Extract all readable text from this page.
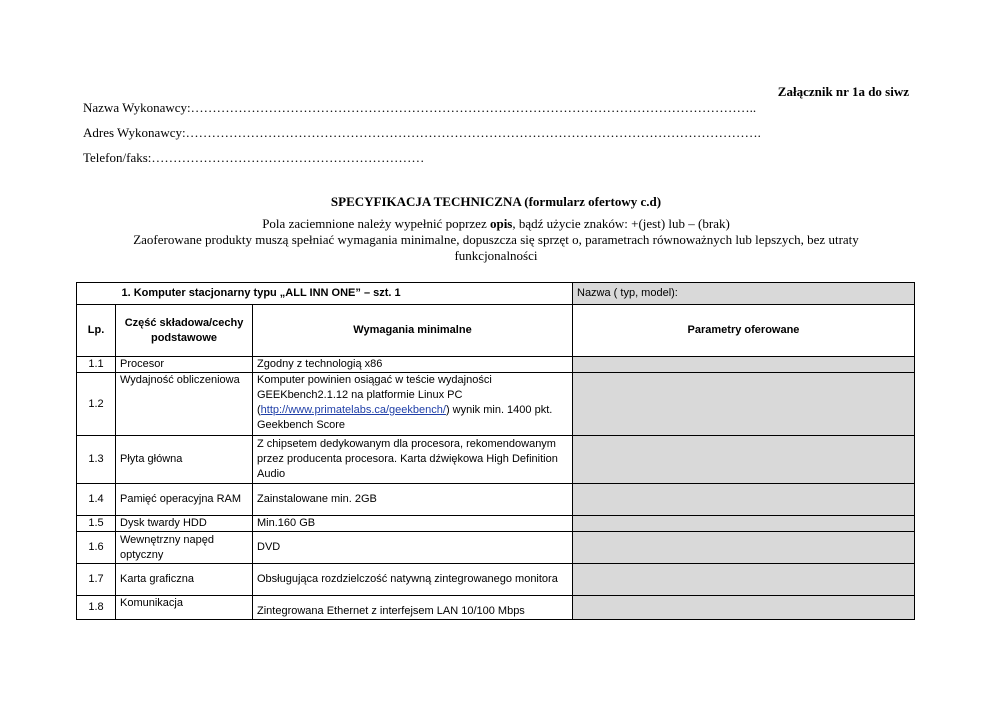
Załącznik nr 1a do siwz
Nazwa Wykonawcy:…………………………………………………………………………………………………………………..
Adres Wykonawcy:…………………………………………………………………………………………………………………….
Telefon/faks:………………………………………………………
SPECYFIKACJA TECHNICZNA (formularz ofertowy c.d)
Pola zaciemnione należy wypełnić poprzez opis, bądź użycie znaków: +(jest) lub – (brak)
Zaoferowane produkty muszą spełniać wymagania minimalne, dopuszcza się sprzęt o, parametrach równoważnych lub lepszych, bez utraty funkcjonalności
	1. Komputer stacjonarny typu „ALL INN ONE” – szt. 1		Nazwa ( typ, model):
Lp.	Część składowa/cechy podstawowe	Wymagania minimalne	Parametry oferowane
1.1	Procesor	Zgodny z technologią x86	
1.2	Wydajność obliczeniowa	Komputer powinien osiągać w teście wydajności GEEKbench2.1.12 na platformie Linux PC (http://www.primatelabs.ca/geekbench/) wynik min. 1400 pkt. Geekbench Score	
1.3	Płyta główna	Z chipsetem dedykowanym dla procesora, rekomendowanym przez producenta procesora. Karta dźwiękowa High Definition Audio	
1.4	Pamięć operacyjna RAM	Zainstalowane min. 2GB	
1.5	Dysk twardy HDD	Min.160 GB	
1.6	Wewnętrzny napęd optyczny	DVD	
1.7	Karta graficzna	Obsługująca rozdzielczość natywną zintegrowanego monitora	
1.8	Komunikacja	Zintegrowana Ethernet z interfejsem LAN 10/100 Mbps	
